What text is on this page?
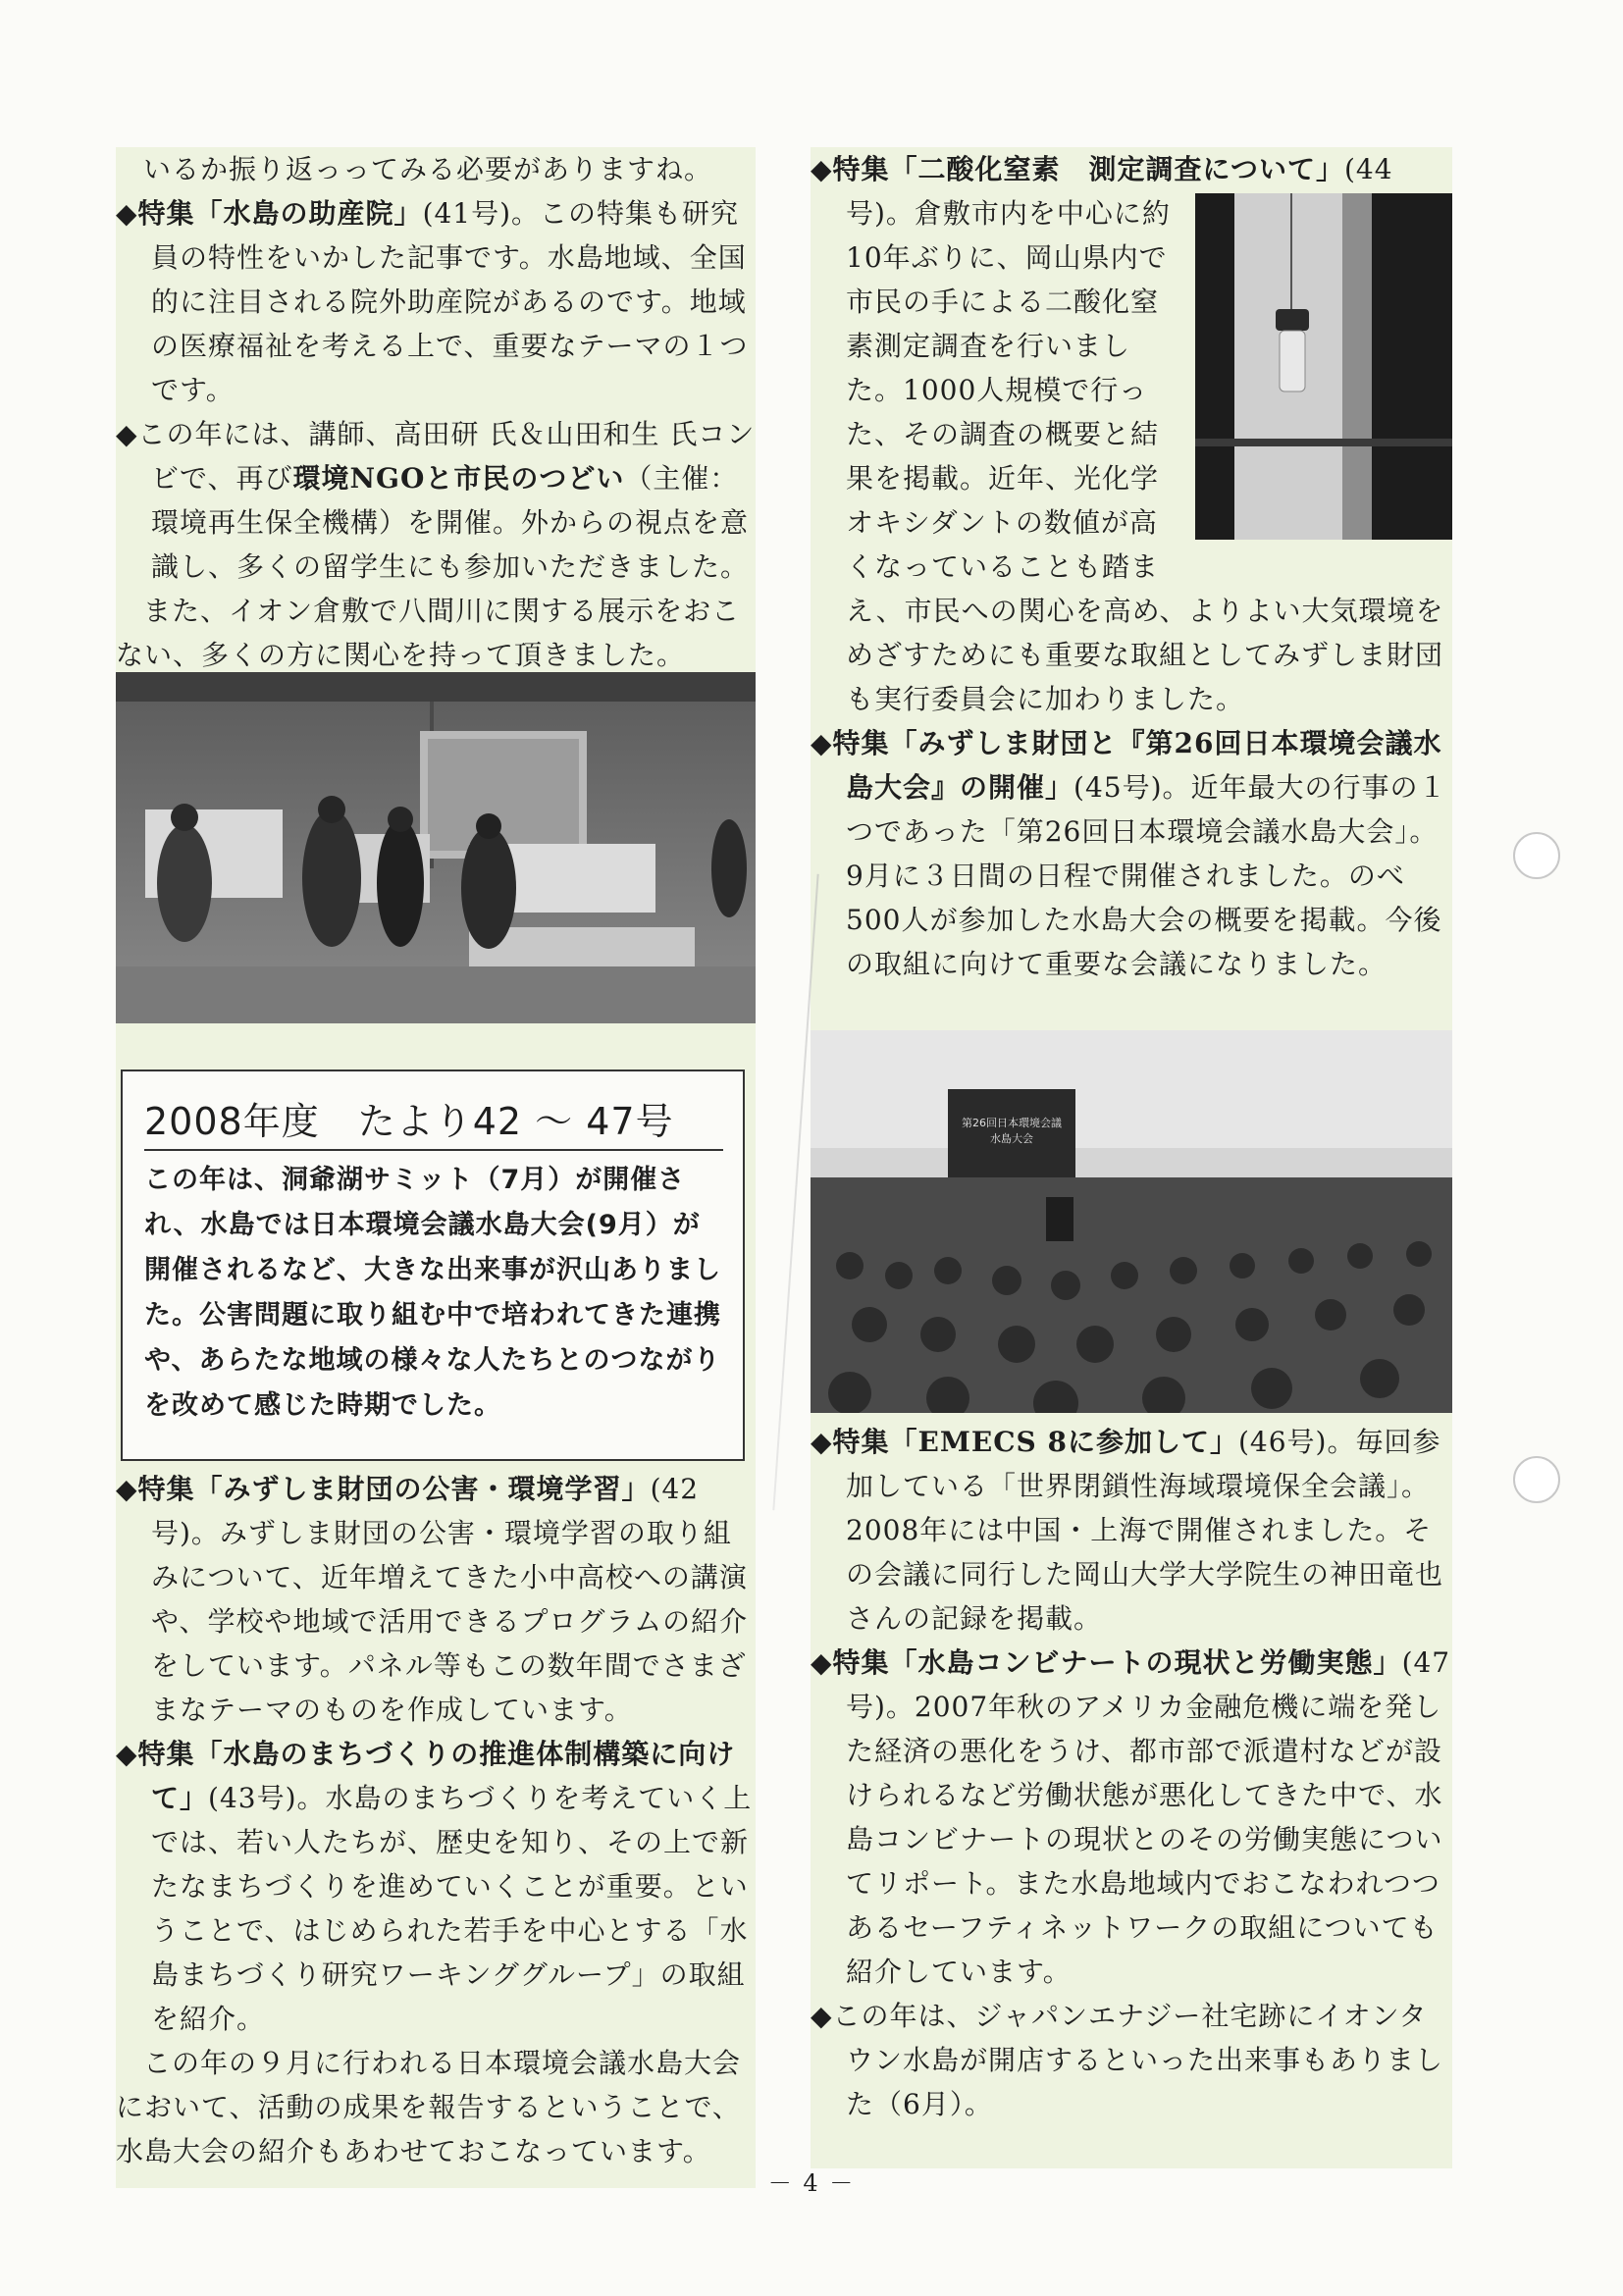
いるか振り返っってみる必要がありますね。

◆特集「水島の助産院」(41号)。この特集も研究員の特性をいかした記事です。水島地域、全国的に注目される院外助産院があるのです。地域の医療福祉を考える上で、重要なテーマの１つです。

◆この年には、講師、高田研 氏＆山田和生 氏コンビで、再び環境NGOと市民のつどい（主催：環境再生保全機構）を開催。外からの視点を意識し、多くの留学生にも参加いただきました。

また、イオン倉敷で八間川に関する展示をおこない、多くの方に関心を持って頂きました。

2008年度　たより42 ～ 47号
この年は、洞爺湖サミット（7月）が開催され、水島では日本環境会議水島大会(9月）が開催されるなど、大きな出来事が沢山ありました。公害問題に取り組む中で培われてきた連携や、あらたな地域の様々な人たちとのつながりを改めて感じた時期でした。

◆特集「みずしま財団の公害・環境学習」(42号)。みずしま財団の公害・環境学習の取り組みについて、近年増えてきた小中高校への講演や、学校や地域で活用できるプログラムの紹介をしています。パネル等もこの数年間でさまざまなテーマのものを作成しています。

◆特集「水島のまちづくりの推進体制構築に向けて」(43号)。水島のまちづくりを考えていく上では、若い人たちが、歴史を知り、その上で新たなまちづくりを進めていくことが重要。ということで、はじめられた若手を中心とする「水島まちづくり研究ワーキンググループ」の取組を紹介。

この年の９月に行われる日本環境会議水島大会において、活動の成果を報告するということで、水島大会の紹介もあわせておこなっています。

◆特集「二酸化窒素　測定調査について」
(44号)。倉敷市内を中心に約10年ぶりに、岡山県内で市民の手による二酸化窒素測定調査を行いました。1000人規模で行った、その調査の概要と結果を掲載。近年、光化学オキシダントの数値が高くなっていることも踏まえ、市民への関心を高め、よりよい大気環境をめざすためにも重要な取組としてみずしま財団も実行委員会に加わりました。

◆特集「みずしま財団と『第26回日本環境会議水島大会』の開催」(45号)。近年最大の行事の１つであった「第26回日本環境会議水島大会」。9月に３日間の日程で開催されました。のべ500人が参加した水島大会の概要を掲載。今後の取組に向けて重要な会議になりました。

第26回日本環境会議水島大会

◆特集「EMECS 8に参加して」(46号)。毎回参加している「世界閉鎖性海域環境保全会議」。2008年には中国・上海で開催されました。その会議に同行した岡山大学大学院生の神田竜也さんの記録を掲載。

◆特集「水島コンビナートの現状と労働実態」(47号)。2007年秋のアメリカ金融危機に端を発した経済の悪化をうけ、都市部で派遣村などが設けられるなど労働状態が悪化してきた中で、水島コンビナートの現状とのその労働実態についてリポート。また水島地域内でおこなわれつつあるセーフティネットワークの取組についても紹介しています。

◆この年は、ジャパンエナジー社宅跡にイオンタウン水島が開店するといった出来事もありました（6月）。

－ 4 －
